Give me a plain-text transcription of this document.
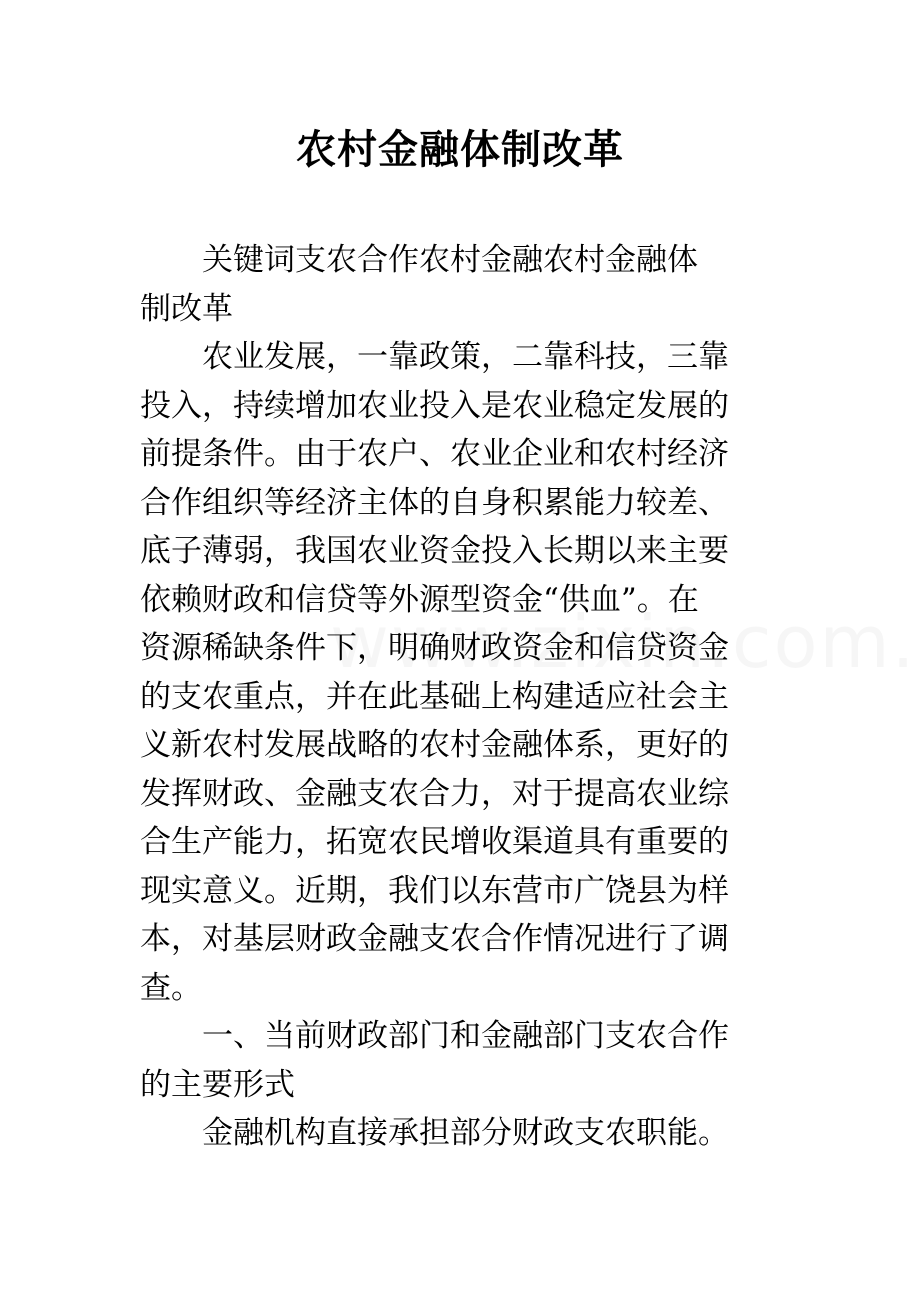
农村金融体制改革

关键词支农合作农村金融农村金融体
制改革

农业发展，一靠政策，二靠科技，三靠
投入，持续增加农业投入是农业稳定发展的
前提条件。由于农户、农业企业和农村经济
合作组织等经济主体的自身积累能力较差、
底子薄弱，我国农业资金投入长期以来主要
依赖财政和信贷等外源型资金“供血”。在
资源稀缺条件下，明确财政资金和信贷资金
的支农重点，并在此基础上构建适应社会主
义新农村发展战略的农村金融体系，更好的
发挥财政、金融支农合力，对于提高农业综
合生产能力，拓宽农民增收渠道具有重要的
现实意义。近期，我们以东营市广饶县为样
本，对基层财政金融支农合作情况进行了调
查。

一、当前财政部门和金融部门支农合作
的主要形式

金融机构直接承担部分财政支农职能。
